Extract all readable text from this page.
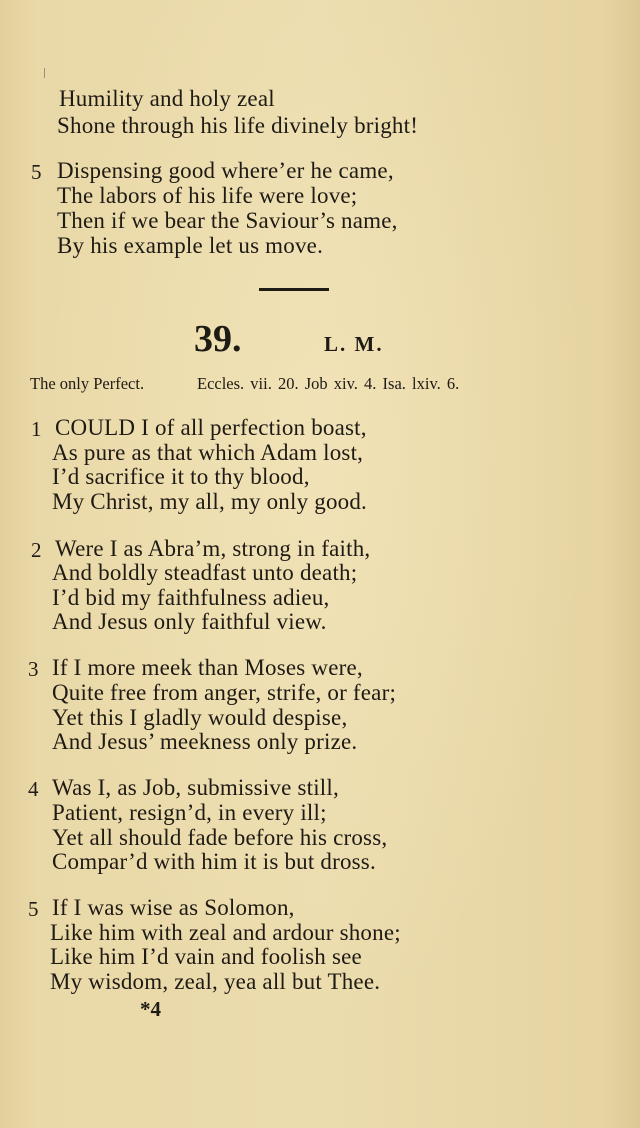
Humility and holy zeal
Shone through his life divinely bright!
5 Dispensing good where’er he came,
The labors of his life were love;
Then if we bear the Saviour’s name,
By his example let us move.
39.	L. M.
The only Perfect.	Eccles. vii. 20. Job xiv. 4. Isa. lxiv. 6.
1 COULD I of all perfection boast,
As pure as that which Adam lost,
I’d sacrifice it to thy blood,
My Christ, my all, my only good.
2 Were I as Abra’m, strong in faith,
And boldly steadfast unto death;
I’d bid my faithfulness adieu,
And Jesus only faithful view.
3 If I more meek than Moses were,
Quite free from anger, strife, or fear;
Yet this I gladly would despise,
And Jesus’ meekness only prize.
4 Was I, as Job, submissive still,
Patient, resign’d, in every ill;
Yet all should fade before his cross,
Compar’d with him it is but dross.
5 If I was wise as Solomon,
Like him with zeal and ardour shone;
Like him I’d vain and foolish see
My wisdom, zeal, yea all but Thee.
*4
